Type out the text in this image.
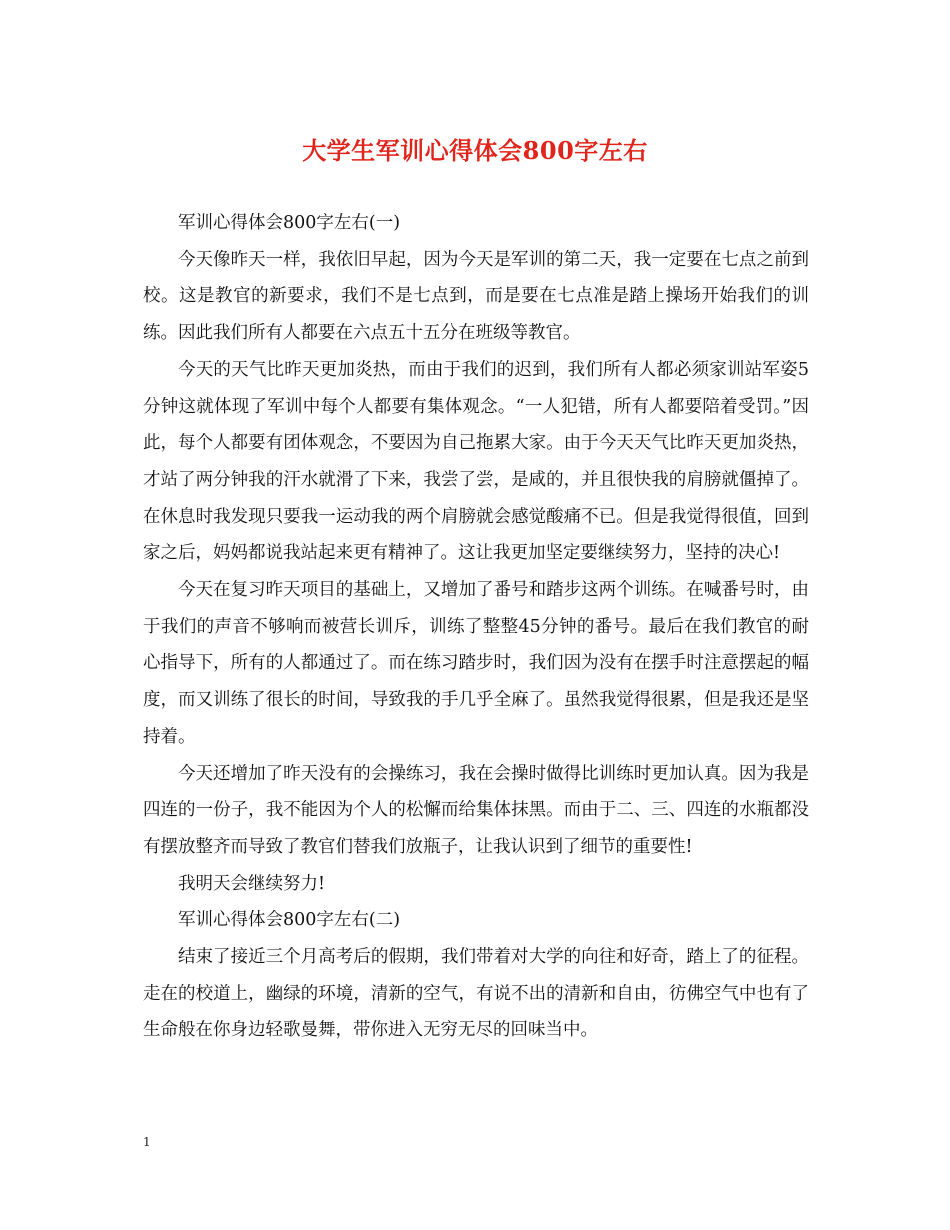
大学生军训心得体会800字左右

军训心得体会800字左右(一)

今天像昨天一样，我依旧早起，因为今天是军训的第二天，我一定要在七点之前到校。这是教官的新要求，我们不是七点到，而是要在七点准是踏上操场开始我们的训练。因此我们所有人都要在六点五十五分在班级等教官。

今天的天气比昨天更加炎热，而由于我们的迟到，我们所有人都必须家训站军姿5分钟这就体现了军训中每个人都要有集体观念。“一人犯错，所有人都要陪着受罚。”因此，每个人都要有团体观念，不要因为自己拖累大家。由于今天天气比昨天更加炎热，才站了两分钟我的汗水就滑了下来，我尝了尝，是咸的，并且很快我的肩膀就僵掉了。在休息时我发现只要我一运动我的两个肩膀就会感觉酸痛不已。但是我觉得很值，回到家之后，妈妈都说我站起来更有精神了。这让我更加坚定要继续努力，坚持的决心!

今天在复习昨天项目的基础上，又增加了番号和踏步这两个训练。在喊番号时，由于我们的声音不够响而被营长训斥，训练了整整45分钟的番号。最后在我们教官的耐心指导下，所有的人都通过了。而在练习踏步时，我们因为没有在摆手时注意摆起的幅度，而又训练了很长的时间，导致我的手几乎全麻了。虽然我觉得很累，但是我还是坚持着。

今天还增加了昨天没有的会操练习，我在会操时做得比训练时更加认真。因为我是四连的一份子，我不能因为个人的松懈而给集体抹黑。而由于二、三、四连的水瓶都没有摆放整齐而导致了教官们替我们放瓶子，让我认识到了细节的重要性!

我明天会继续努力!

军训心得体会800字左右(二)

结束了接近三个月高考后的假期，我们带着对大学的向往和好奇，踏上了的征程。走在的校道上，幽绿的环境，清新的空气，有说不出的清新和自由，彷佛空气中也有了生命般在你身边轻歌曼舞，带你进入无穷无尽的回味当中。

1
